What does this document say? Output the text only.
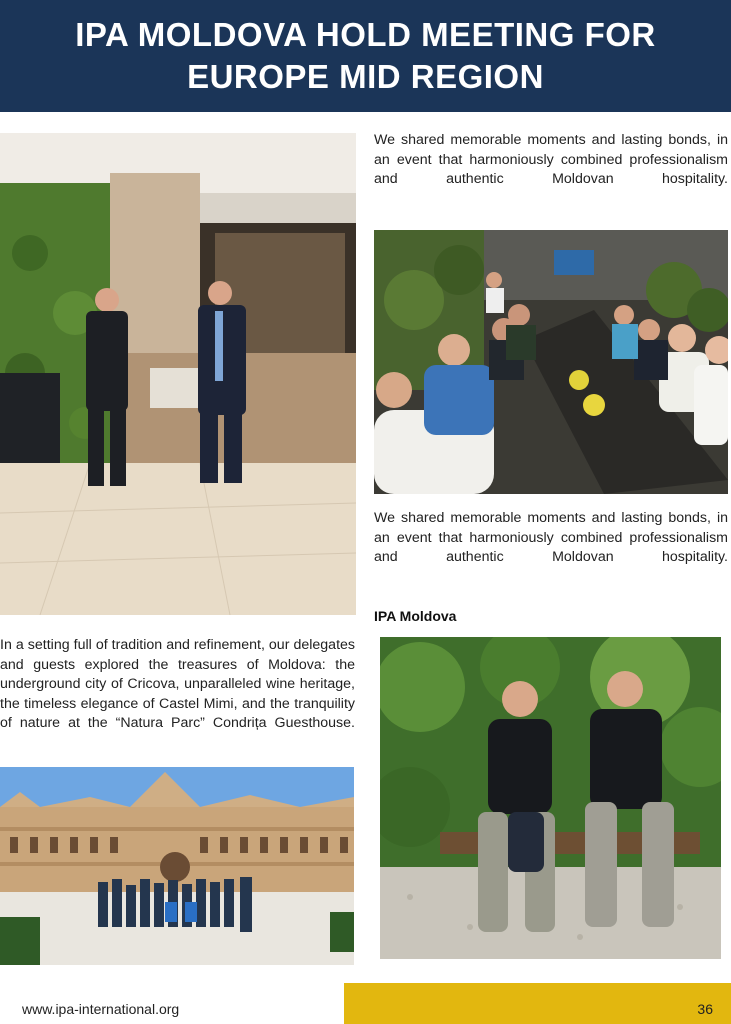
IPA MOLDOVA HOLD MEETING FOR
EUROPE MID REGION
We shared memorable moments and lasting bonds, in an event that harmoniously combined professionalism and authentic Moldovan hospitality.
We shared memorable moments and lasting bonds, in an event that harmoniously combined professionalism and authentic Moldovan hospitality.
IPA Moldova
In a setting full of tradition and refinement, our delegates and guests explored the treasures of Moldova: the underground city of Cricova, unparalleled wine heritage, the timeless elegance of Castel Mimi, and the tranquility of nature at the “Natura Parc” Condrița Guesthouse.
www.ipa-international.org	36
